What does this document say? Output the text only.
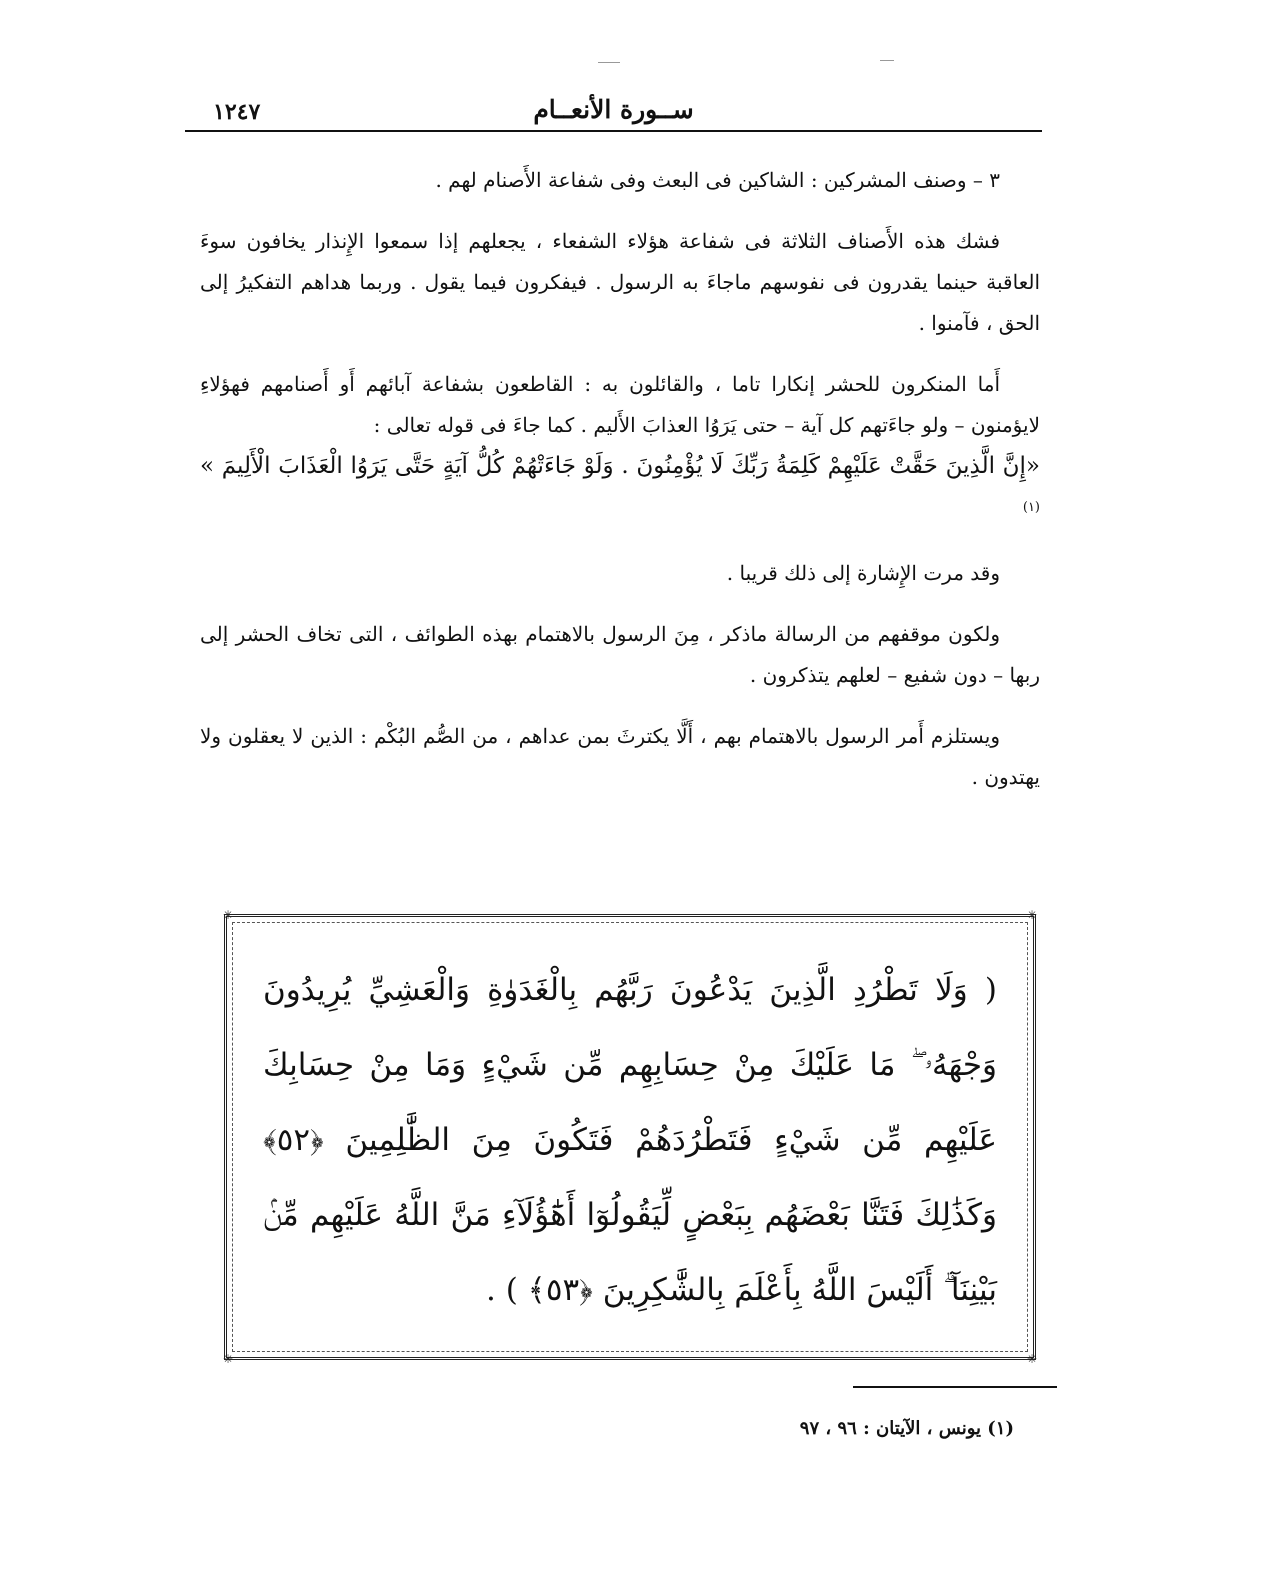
ســورة الأنعــام
١٢٤٧

٣ – وصنف المشركين : الشاكين فى البعث وفى شفاعة الأَصنام لهم .

فشك هذه الأَصناف الثلاثة فى شفاعة هؤلاء الشفعاء ، يجعلهم إذا سمعوا الإِنذار يخافون سوءَ العاقبة حينما يقدرون فى نفوسهم ماجاءَ به الرسول . فيفكرون فيما يقول . وربما هداهم التفكيرُ إلى الحق ، فآمنوا .

أَما المنكرون للحشر إنكارا تاما ، والقائلون به : القاطعون بشفاعة آبائهم أَو أَصنامهم فهؤلاءِ لايؤمنون – ولو جاءَتهم كل آية – حتى يَرَوُا العذابَ الأَليم . كما جاءَ فى قوله تعالى :
«إِنَّ الَّذِينَ حَقَّتْ عَلَيْهِمْ كَلِمَةُ رَبِّكَ لَا يُؤْمِنُونَ . وَلَوْ جَاءَتْهُمْ كُلُّ آيَةٍ حَتَّى يَرَوُا الْعَذَابَ الْأَلِيمَ » $^{(١)}$

وقد مرت الإِشارة إلى ذلك قريبا .

ولكون موقفهم من الرسالة ماذكر ، مِنَ الرسول بالاهتمام بهذه الطوائف ، التى تخاف الحشر إلى ربها – دون شفيع – لعلهم يتذكرون .

ويستلزم أَمر الرسول بالاهتمام بهم ، أَلَّا يكترثَ بمن عداهم ، من الصُّم البُكْم : الذين لا يعقلون ولا يهتدون .

✳	✳
✳	✳
( وَلَا تَطْرُدِ الَّذِينَ يَدْعُونَ رَبَّهُم بِالْغَدَوٰةِ وَالْعَشِيِّ يُرِيدُونَ وَجْهَهُۥ ۖ مَا عَلَيْكَ مِنْ حِسَابِهِم مِّن شَيْءٍ وَمَا مِنْ حِسَابِكَ عَلَيْهِم مِّن شَيْءٍ فَتَطْرُدَهُمْ فَتَكُونَ مِنَ الظَّٰلِمِينَ ﴿٥٢﴾ وَكَذَٰلِكَ فَتَنَّا بَعْضَهُم بِبَعْضٍ لِّيَقُولُوٓا أَهَٰٓؤُلَآءِ مَنَّ اللَّهُ عَلَيْهِم مِّنۢ بَيْنِنَآ ۗ أَلَيْسَ اللَّهُ بِأَعْلَمَ بِالشَّٰكِرِينَ ﴿٥٣﴾ ) .
(١) يونس ، الآيتان : ٩٦ ، ٩٧
